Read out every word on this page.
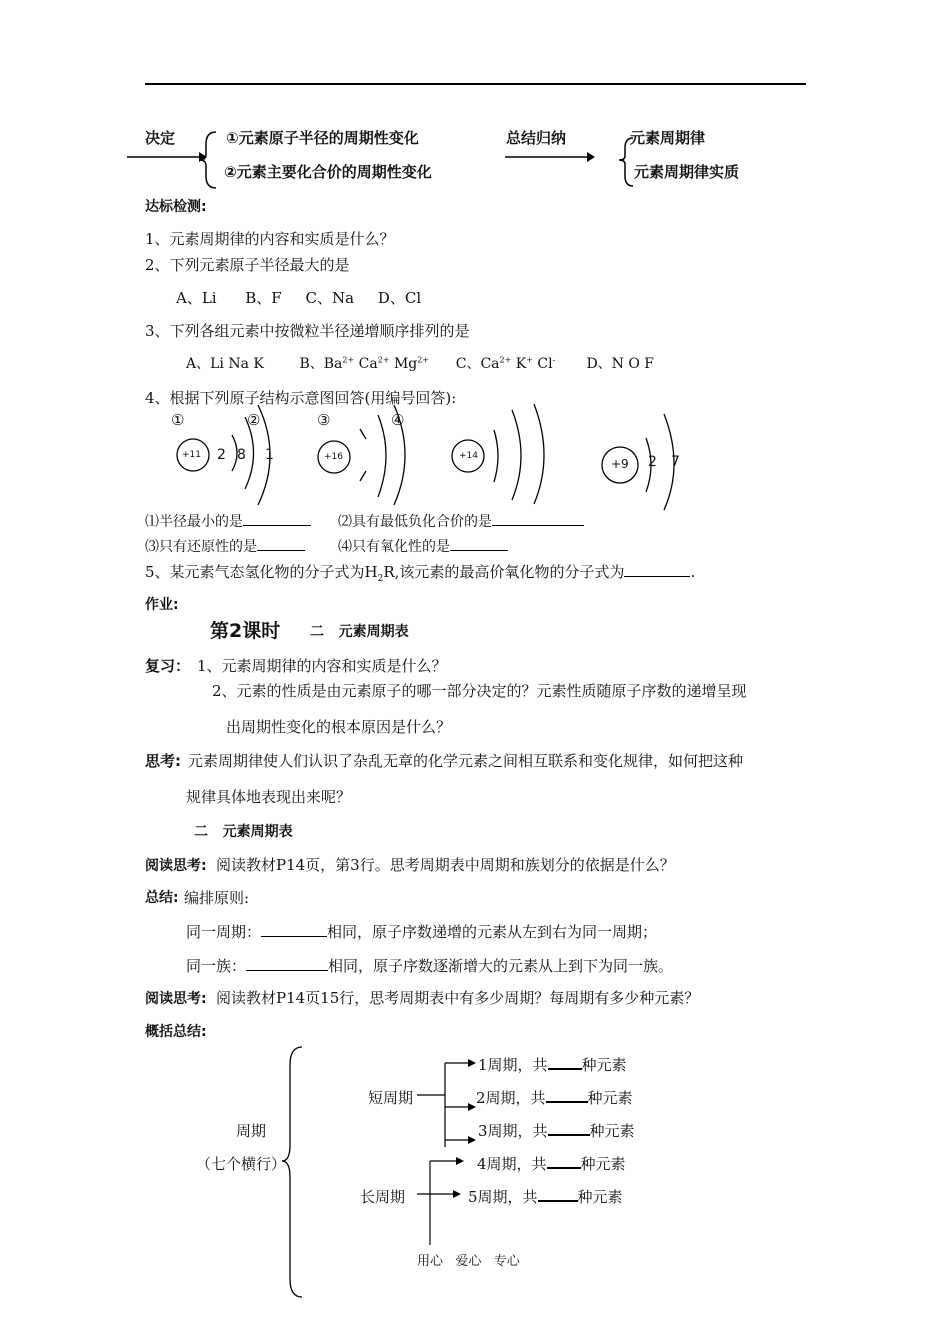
决定	①元素原子半径的周期性变化
②元素主要化合价的周期性变化
总结归纳	元素周期律
元素周期律实质
达标检测:
1、元素周期律的内容和实质是什么？
2、下列元素原子半径最大的是
A、Li      B、F     C、Na     D、Cl
3、下列各组元素中按微粒半径递增顺序排列的是
A、Li Na K	B、$Ba^{2+}$ $Ca^{2+}$ $Mg^{2+}$ C、$Ca^{2+}$ K+ Cl- D、N O F
4、根据下列原子结构示意图回答(用编号回答):
①	②	③	④
+11 2 8 1	+16	+14
+9 2 7
⑴半径最小的是	⑵具有最低负化合价的是
⑶只有还原性的是	⑷只有氧化性的是
5、某元素气态氢化物的分子式为$H_2R$,该元素的最高价氧化物的分子式为	.
作业:
第2课时 二   元素周期表
复习： 1、元素周期律的内容和实质是什么？
2、元素的性质是由元素原子的哪一部分决定的？元素性质随原子序数的递增呈现
出周期性变化的根本原因是什么？
思考: 元素周期律使人们认识了杂乱无章的化学元素之间相互联系和变化规律，如何把这种
规律具体地表现出来呢？
二   元素周期表
阅读思考: 阅读教材P14页，第3行。思考周期表中周期和族划分的依据是什么？
总结: 编排原则:
同一周期：	相同，原子序数递增的元素从左到右为同一周期；
同一族：	相同，原子序数逐渐增大的元素从上到下为同一族。
阅读思考: 阅读教材P14页15行，思考周期表中有多少周期？每周期有多少种元素？
概括总结:
周期
（七个横行）
短周期
长周期
1周期，共 种元素
2周期，共	种元素
3周期，共	种元素
4周期，共 种元素
5周期，共	种元素
用心   爱心   专心
